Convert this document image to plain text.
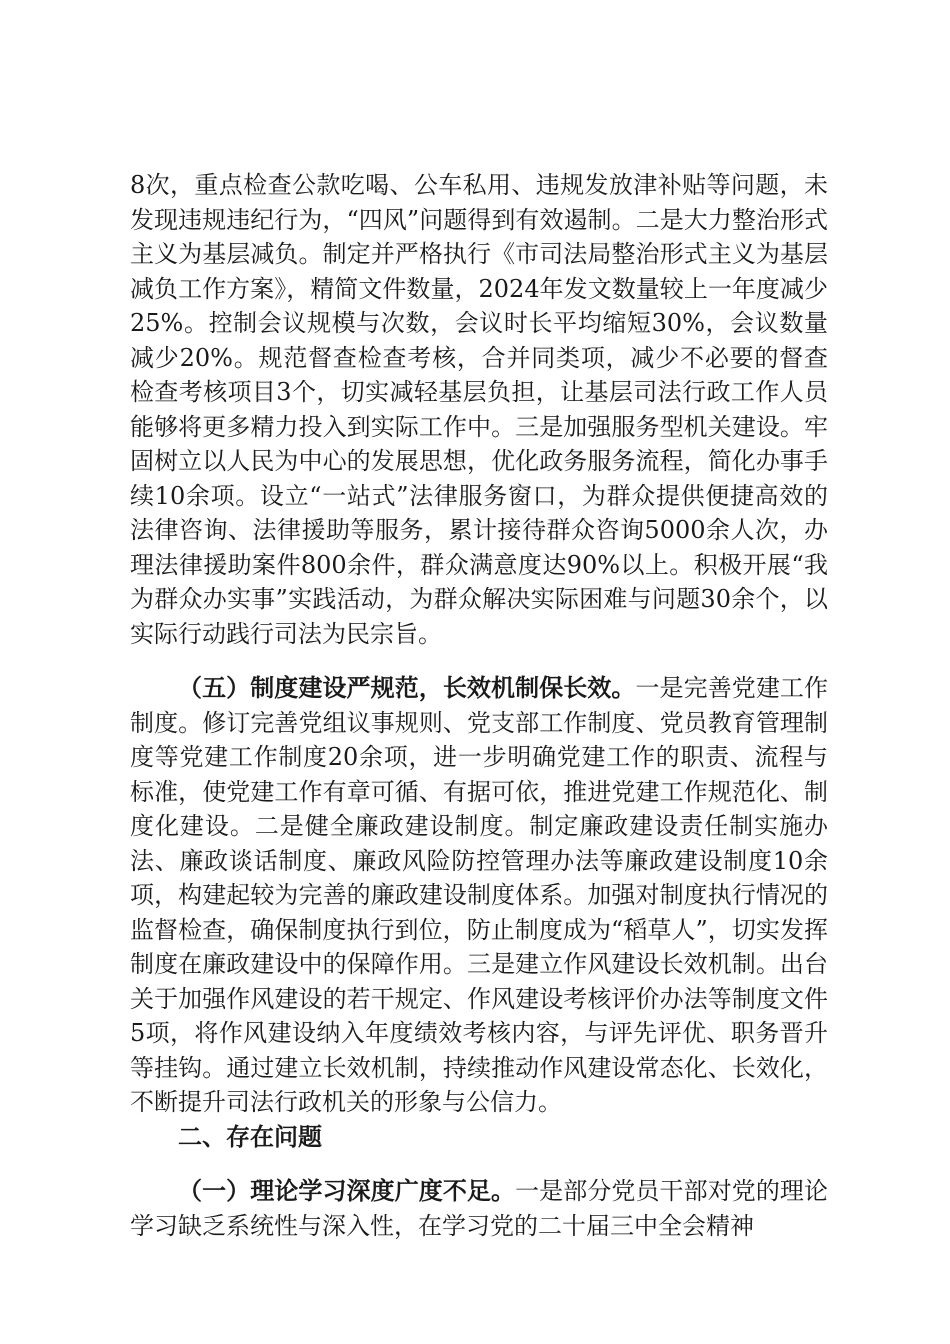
8次，重点检查公款吃喝、公车私用、违规发放津补贴等问题，未发现违规违纪行为，“四风”问题得到有效遏制。二是大力整治形式主义为基层减负。制定并严格执行《市司法局整治形式主义为基层减负工作方案》，精简文件数量，2024年发文数量较上一年度减少25%。控制会议规模与次数，会议时长平均缩短30%，会议数量减少20%。规范督查检查考核，合并同类项，减少不必要的督查检查考核项目3个，切实减轻基层负担，让基层司法行政工作人员能够将更多精力投入到实际工作中。三是加强服务型机关建设。牢固树立以人民为中心的发展思想，优化政务服务流程，简化办事手续10余项。设立“一站式”法律服务窗口，为群众提供便捷高效的法律咨询、法律援助等服务，累计接待群众咨询5000余人次，办理法律援助案件800余件，群众满意度达90%以上。积极开展“我为群众办实事”实践活动，为群众解决实际困难与问题30余个，以实际行动践行司法为民宗旨。

（五）制度建设严规范，长效机制保长效。一是完善党建工作制度。修订完善党组议事规则、党支部工作制度、党员教育管理制度等党建工作制度20余项，进一步明确党建工作的职责、流程与标准，使党建工作有章可循、有据可依，推进党建工作规范化、制度化建设。二是健全廉政建设制度。制定廉政建设责任制实施办法、廉政谈话制度、廉政风险防控管理办法等廉政建设制度10余项，构建起较为完善的廉政建设制度体系。加强对制度执行情况的监督检查，确保制度执行到位，防止制度成为“稻草人”，切实发挥制度在廉政建设中的保障作用。三是建立作风建设长效机制。出台关于加强作风建设的若干规定、作风建设考核评价办法等制度文件5项，将作风建设纳入年度绩效考核内容，与评先评优、职务晋升等挂钩。通过建立长效机制，持续推动作风建设常态化、长效化，不断提升司法行政机关的形象与公信力。

二、存在问题

（一）理论学习深度广度不足。一是部分党员干部对党的理论学习缺乏系统性与深入性，在学习党的二十届三中全会精神
